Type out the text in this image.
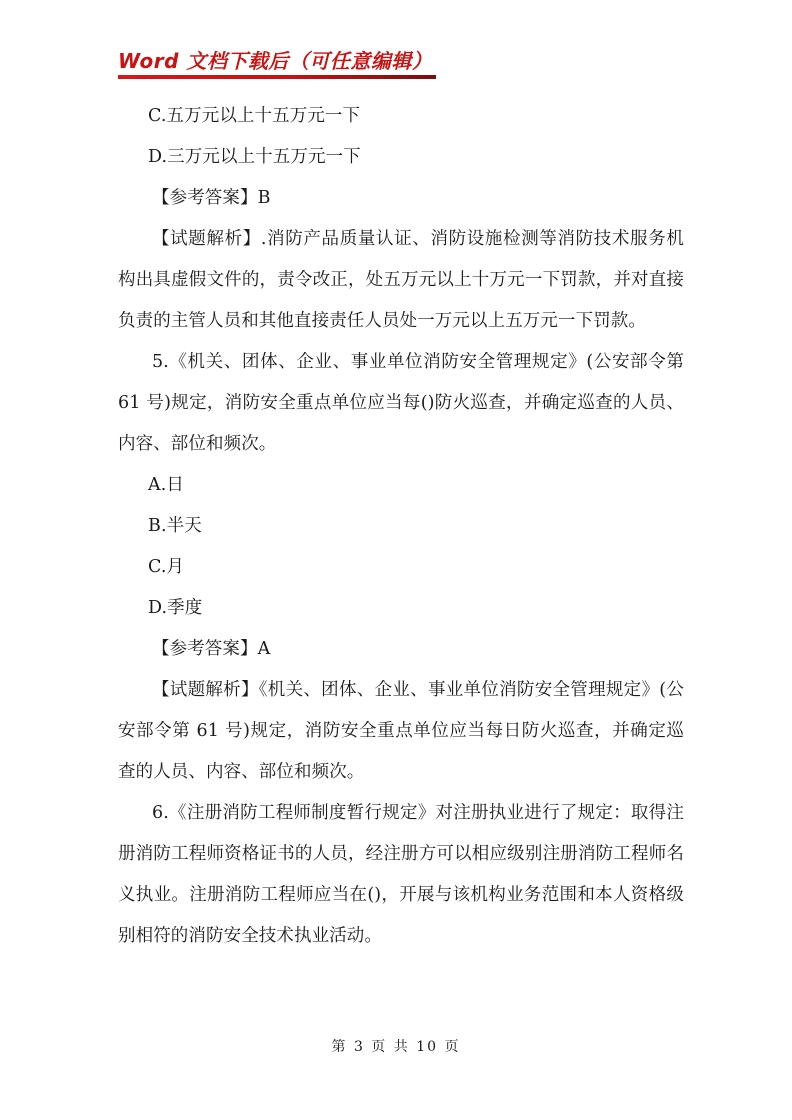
Word 文档下载后（可任意编辑）

C.五万元以上十五万元一下

D.三万元以上十五万元一下

【参考答案】B

【试题解析】.消防产品质量认证、消防设施检测等消防技术服务机构出具虚假文件的，责令改正，处五万元以上十万元一下罚款，并对直接负责的主管人员和其他直接责任人员处一万元以上五万元一下罚款。

5.《机关、团体、企业、事业单位消防安全管理规定》(公安部令第 61 号)规定，消防安全重点单位应当每()防火巡查，并确定巡查的人员、内容、部位和频次。

A.日

B.半天

C.月

D.季度

【参考答案】A

【试题解析】《机关、团体、企业、事业单位消防安全管理规定》(公安部令第 61 号)规定，消防安全重点单位应当每日防火巡查，并确定巡查的人员、内容、部位和频次。

6.《注册消防工程师制度暂行规定》对注册执业进行了规定：取得注册消防工程师资格证书的人员，经注册方可以相应级别注册消防工程师名义执业。注册消防工程师应当在()，开展与该机构业务范围和本人资格级别相符的消防安全技术执业活动。

第 3 页 共 10 页
